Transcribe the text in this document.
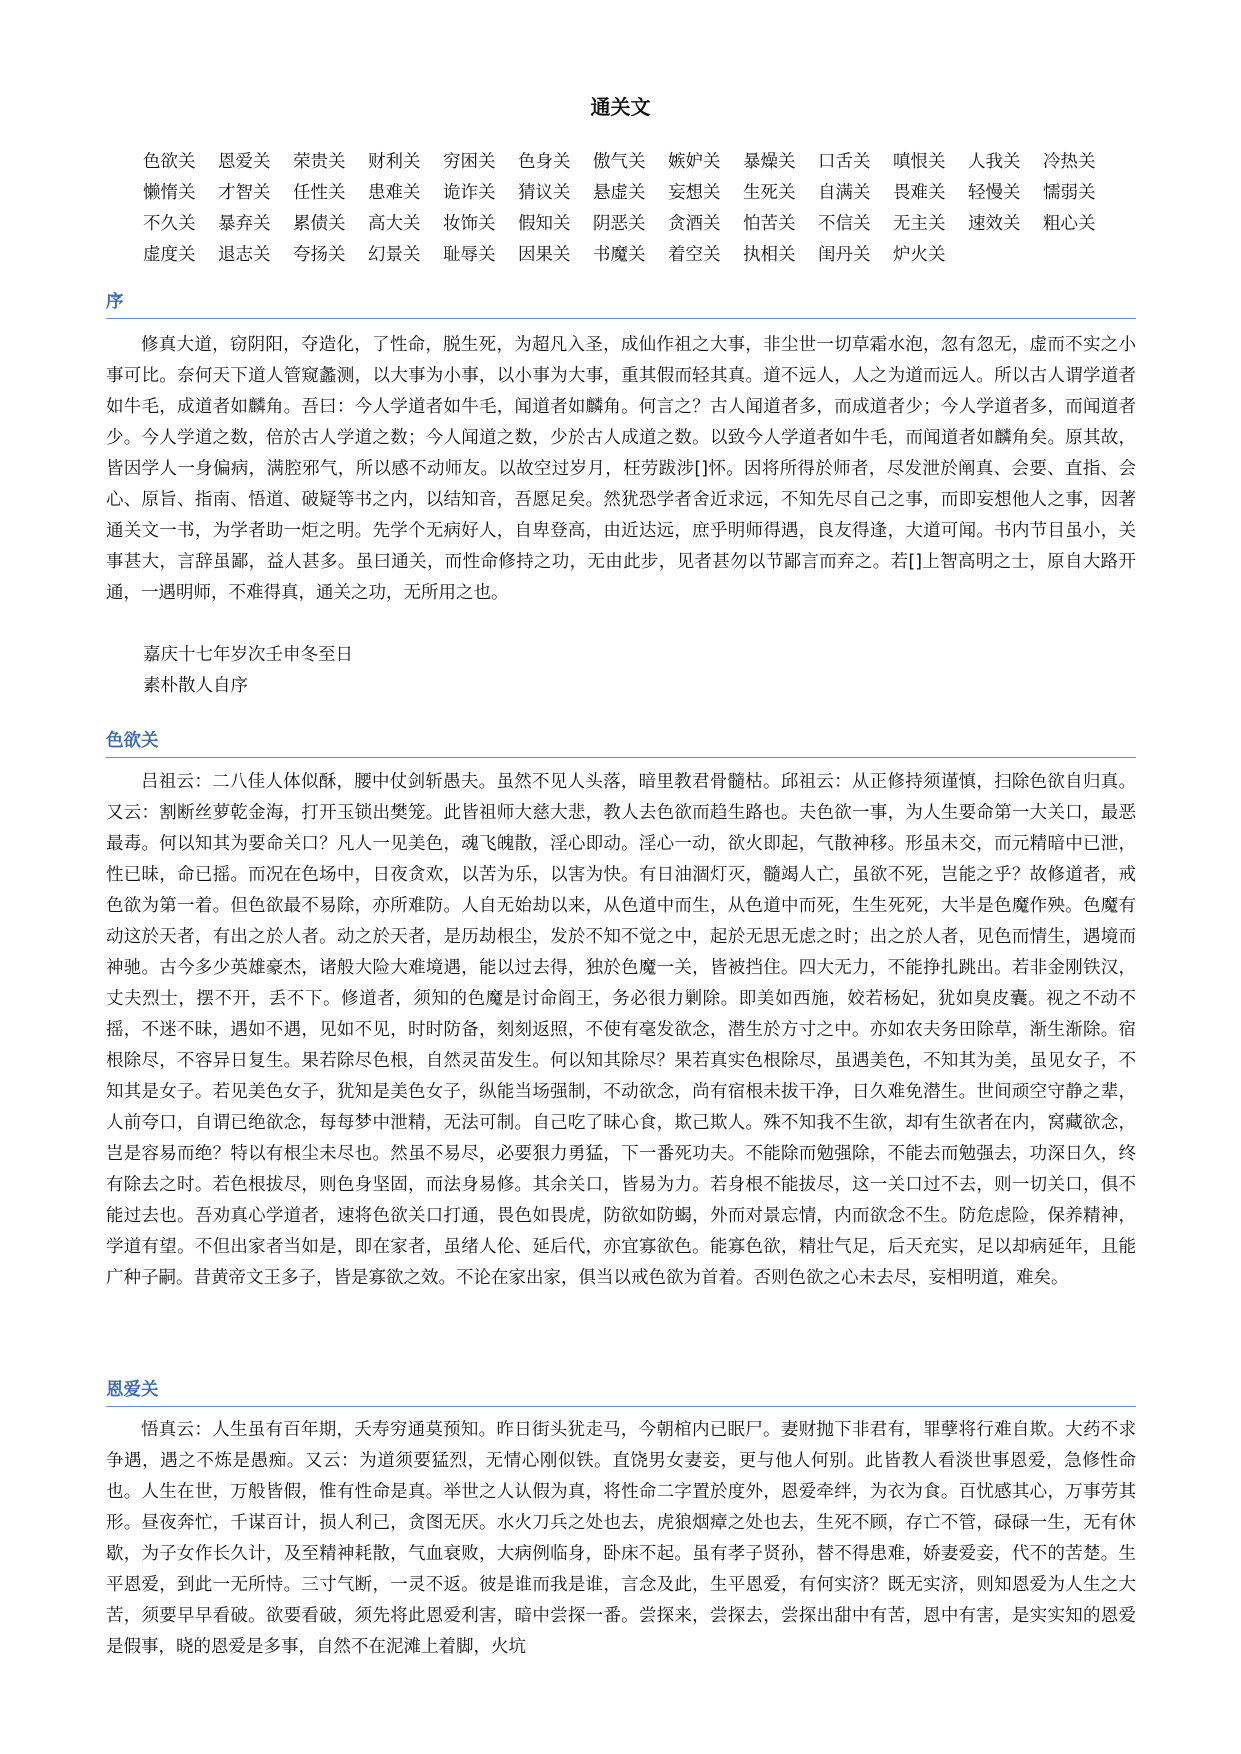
通关文
色欲关 恩爱关 荣贵关 财利关 穷困关 色身关 傲气关 嫉妒关 暴燥关 口舌关 嗔恨关 人我关 冷热关
懒惰关 才智关 任性关 患难关 诡诈关 猜议关 悬虚关 妄想关 生死关 自满关 畏难关 轻慢关 懦弱关
不久关 暴弃关 累债关 高大关 妆饰关 假知关 阴恶关 贪酒关 怕苦关 不信关 无主关 速效关 粗心关
虚度关 退志关 夸扬关 幻景关 耻辱关 因果关 书魔关 着空关 执相关 闺丹关 炉火关
序

修真大道，窃阴阳，夺造化，了性命，脱生死，为超凡入圣，成仙作祖之大事，非尘世一切草霜水泡，忽有忽无，虚而不实之小事可比。奈何天下道人管窥蠡测，以大事为小事，以小事为大事，重其假而轻其真。道不远人，人之为道而远人。所以古人谓学道者如牛毛，成道者如麟角。吾曰：今人学道者如牛毛，闻道者如麟角。何言之？古人闻道者多，而成道者少；今人学道者多，而闻道者少。今人学道之数，倍於古人学道之数；今人闻道之数，少於古人成道之数。以致今人学道者如牛毛，而闻道者如麟角矣。原其故，皆因学人一身偏病，满腔邪气，所以感不动师友。以故空过岁月，枉劳跋涉[]怀。因将所得於师者，尽发泄於阐真、会要、直指、会心、原旨、指南、悟道、破疑等书之内，以结知音，吾愿足矣。然犹恐学者舍近求远，不知先尽自己之事，而即妄想他人之事，因著通关文一书，为学者助一炬之明。先学个无病好人，自卑登高，由近达远，庶乎明师得遇，良友得逢，大道可闻。书内节目虽小，关事甚大，言辞虽鄙，益人甚多。虽曰通关，而性命修持之功，无由此步，见者甚勿以节鄙言而弃之。若[]上智高明之士，原自大路开通，一遇明师，不难得真，通关之功，无所用之也。

嘉庆十七年岁次壬申冬至日

素朴散人自序

色欲关

吕祖云：二八佳人体似酥，腰中仗剑斩愚夫。虽然不见人头落，暗里教君骨髓枯。邱祖云：从正修持须谨慎，扫除色欲自归真。又云：割断丝萝乾金海，打开玉锁出樊笼。此皆祖师大慈大悲，教人去色欲而趋生路也。夫色欲一事，为人生要命第一大关口，最恶最毒。何以知其为要命关口？凡人一见美色，魂飞魄散，淫心即动。淫心一动，欲火即起，气散神移。形虽未交，而元精暗中已泄，性已昧，命已摇。而况在色场中，日夜贪欢，以苦为乐，以害为快。有日油涸灯灭，髓竭人亡，虽欲不死，岂能之乎？故修道者，戒色欲为第一着。但色欲最不易除，亦所难防。人自无始劫以来，从色道中而生，从色道中而死，生生死死，大半是色魔作殃。色魔有动这於天者，有出之於人者。动之於天者，是历劫根尘，发於不知不觉之中，起於无思无虑之时；出之於人者，见色而情生，遇境而神驰。古今多少英雄豪杰，诸般大险大难境遇，能以过去得，独於色魔一关，皆被挡住。四大无力，不能挣扎跳出。若非金刚铁汉，丈夫烈士，摆不开，丢不下。修道者，须知的色魔是讨命阎王，务必很力剿除。即美如西施，姣若杨妃，犹如臭皮囊。视之不动不摇，不迷不昧，遇如不遇，见如不见，时时防备，刻刻返照，不使有毫发欲念，潜生於方寸之中。亦如农夫务田除草，渐生渐除。宿根除尽，不容异日复生。果若除尽色根，自然灵苗发生。何以知其除尽？果若真实色根除尽，虽遇美色，不知其为美，虽见女子，不知其是女子。若见美色女子，犹知是美色女子，纵能当场强制，不动欲念，尚有宿根未拔干净，日久难免潜生。世间顽空守静之辈，人前夸口，自谓已绝欲念，每每梦中泄精，无法可制。自己吃了昧心食，欺己欺人。殊不知我不生欲，却有生欲者在内，窝藏欲念，岂是容易而绝？特以有根尘未尽也。然虽不易尽，必要狠力勇猛，下一番死功夫。不能除而勉强除，不能去而勉强去，功深日久，终有除去之时。若色根拔尽，则色身坚固，而法身易修。其余关口，皆易为力。若身根不能拔尽，这一关口过不去，则一切关口，俱不能过去也。吾劝真心学道者，速将色欲关口打通，畏色如畏虎，防欲如防蝎，外而对景忘情，内而欲念不生。防危虑险，保养精神，学道有望。不但出家者当如是，即在家者，虽绪人伦、延后代，亦宜寡欲色。能寡色欲，精壮气足，后天充实，足以却病延年，且能广种子嗣。昔黄帝文王多子，皆是寡欲之效。不论在家出家，俱当以戒色欲为首着。否则色欲之心未去尽，妄相明道，难矣。

恩爱关

悟真云：人生虽有百年期，夭寿穷通莫预知。昨日街头犹走马，今朝棺内已眠尸。妻财抛下非君有，罪孽将行难自欺。大药不求争遇，遇之不炼是愚痴。又云：为道须要猛烈，无情心刚似铁。直饶男女妻妾，更与他人何别。此皆教人看淡世事恩爱，急修性命也。人生在世，万般皆假，惟有性命是真。举世之人认假为真，将性命二字置於度外，恩爱牵绊，为衣为食。百忧感其心，万事劳其形。昼夜奔忙，千谋百计，损人利己，贪图无厌。水火刀兵之处也去，虎狼烟瘴之处也去，生死不顾，存亡不管，碌碌一生，无有休歇，为子女作长久计，及至精神耗散，气血衰败，大病例临身，卧床不起。虽有孝子贤孙，替不得患难，娇妻爱妾，代不的苦楚。生平恩爱，到此一无所恃。三寸气断，一灵不返。彼是谁而我是谁，言念及此，生平恩爱，有何实济？既无实济，则知恩爱为人生之大苦，须要早早看破。欲要看破，须先将此恩爱利害，暗中尝探一番。尝探来，尝探去，尝探出甜中有苦，恩中有害，是实实知的恩爱是假事，晓的恩爱是多事，自然不在泥滩上着脚，火坑
